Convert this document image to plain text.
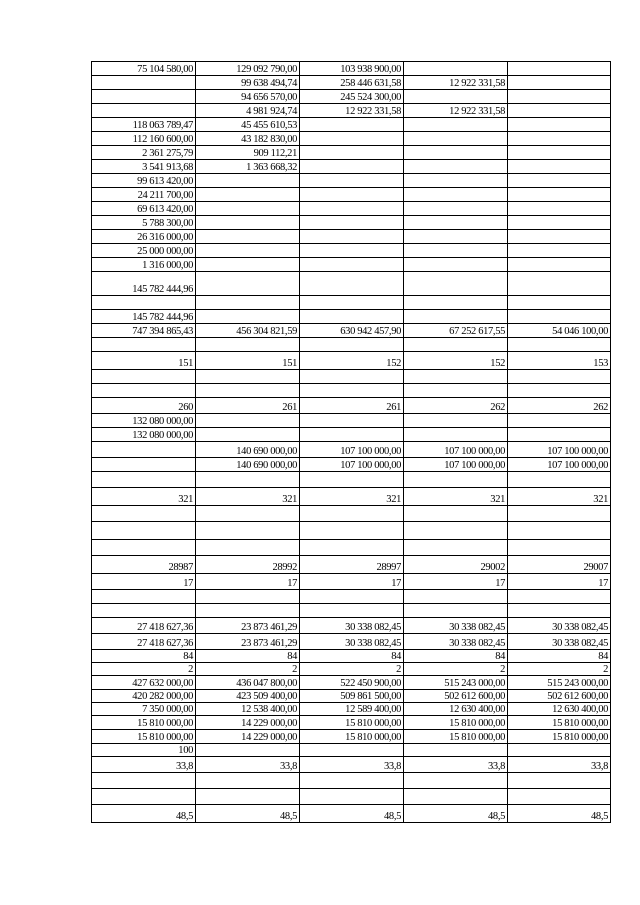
75 104 580,00	129 092 790,00	103 938 900,00		
	99 638 494,74	258 446 631,58	12 922 331,58	
	94 656 570,00	245 524 300,00		
	4 981 924,74	12 922 331,58	12 922 331,58	
118 063 789,47	45 455 610,53			
112 160 600,00	43 182 830,00			
2 361 275,79	909 112,21			
3 541 913,68	1 363 668,32			
99 613 420,00				
24 211 700,00				
69 613 420,00				
5 788 300,00				
26 316 000,00				
25 000 000,00				
1 316 000,00				
145 782 444,96				

145 782 444,96				
747 394 865,43	456 304 821,59	630 942 457,90	67 252 617,55	54 046 100,00

151	151	152	152	153

260	261	261	262	262
132 080 000,00				
132 080 000,00				
	140 690 000,00	107 100 000,00	107 100 000,00	107 100 000,00
	140 690 000,00	107 100 000,00	107 100 000,00	107 100 000,00

321	321	321	321	321

28987	28992	28997	29002	29007
17	17	17	17	17

27 418 627,36	23 873 461,29	30 338 082,45	30 338 082,45	30 338 082,45
27 418 627,36	23 873 461,29	30 338 082,45	30 338 082,45	30 338 082,45
84	84	84	84	84
2	2	2	2	2
427 632 000,00	436 047 800,00	522 450 900,00	515 243 000,00	515 243 000,00
420 282 000,00	423 509 400,00	509 861 500,00	502 612 600,00	502 612 600,00
7 350 000,00	12 538 400,00	12 589 400,00	12 630 400,00	12 630 400,00
15 810 000,00	14 229 000,00	15 810 000,00	15 810 000,00	15 810 000,00
15 810 000,00	14 229 000,00	15 810 000,00	15 810 000,00	15 810 000,00
100				
33,8	33,8	33,8	33,8	33,8

48,5	48,5	48,5	48,5	48,5
